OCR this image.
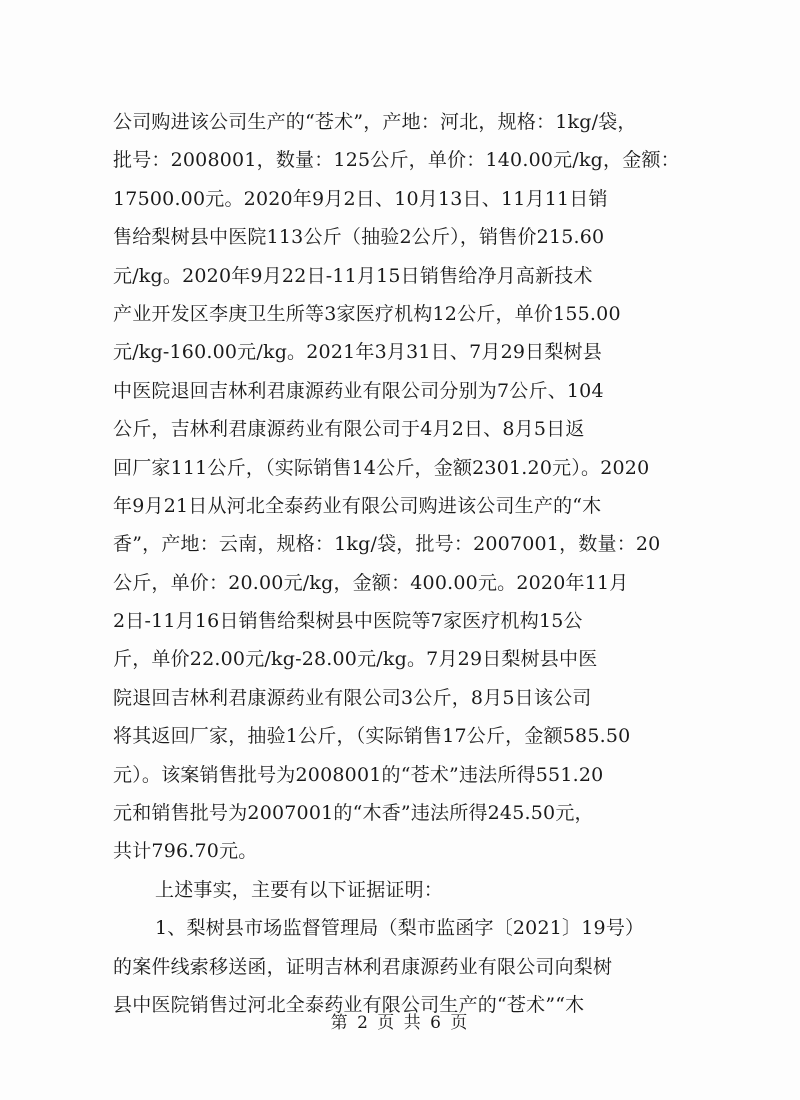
公司购进该公司生产的“苍术”，产地：河北，规格：1kg/袋，
批号：2008001，数量：125公斤，单价：140.00元/kg，金额：
17500.00元。2020年9月2日、10月13日、11月11日销
售给梨树县中医院113公斤（抽验2公斤），销售价215.60
元/kg。2020年9月22日-11月15日销售给净月高新技术
产业开发区李庚卫生所等3家医疗机构12公斤，单价155.00
元/kg-160.00元/kg。2021年3月31日、7月29日梨树县
中医院退回吉林利君康源药业有限公司分别为7公斤、104
公斤，吉林利君康源药业有限公司于4月2日、8月5日返
回厂家111公斤，（实际销售14公斤，金额2301.20元）。2020
年9月21日从河北全泰药业有限公司购进该公司生产的“木
香”，产地：云南，规格：1kg/袋，批号：2007001，数量：20
公斤，单价：20.00元/kg，金额：400.00元。2020年11月
2日-11月16日销售给梨树县中医院等7家医疗机构15公
斤，单价22.00元/kg-28.00元/kg。7月29日梨树县中医
院退回吉林利君康源药业有限公司3公斤，8月5日该公司
将其返回厂家，抽验1公斤，（实际销售17公斤，金额585.50
元）。该案销售批号为2008001的“苍术”违法所得551.20
元和销售批号为2007001的“木香”违法所得245.50元，
共计796.70元。
上述事实，主要有以下证据证明：
1、梨树县市场监督管理局（梨市监函字〔2021〕19号）
的案件线索移送函，证明吉林利君康源药业有限公司向梨树
县中医院销售过河北全泰药业有限公司生产的“苍术”“木
第 2 页 共 6 页
